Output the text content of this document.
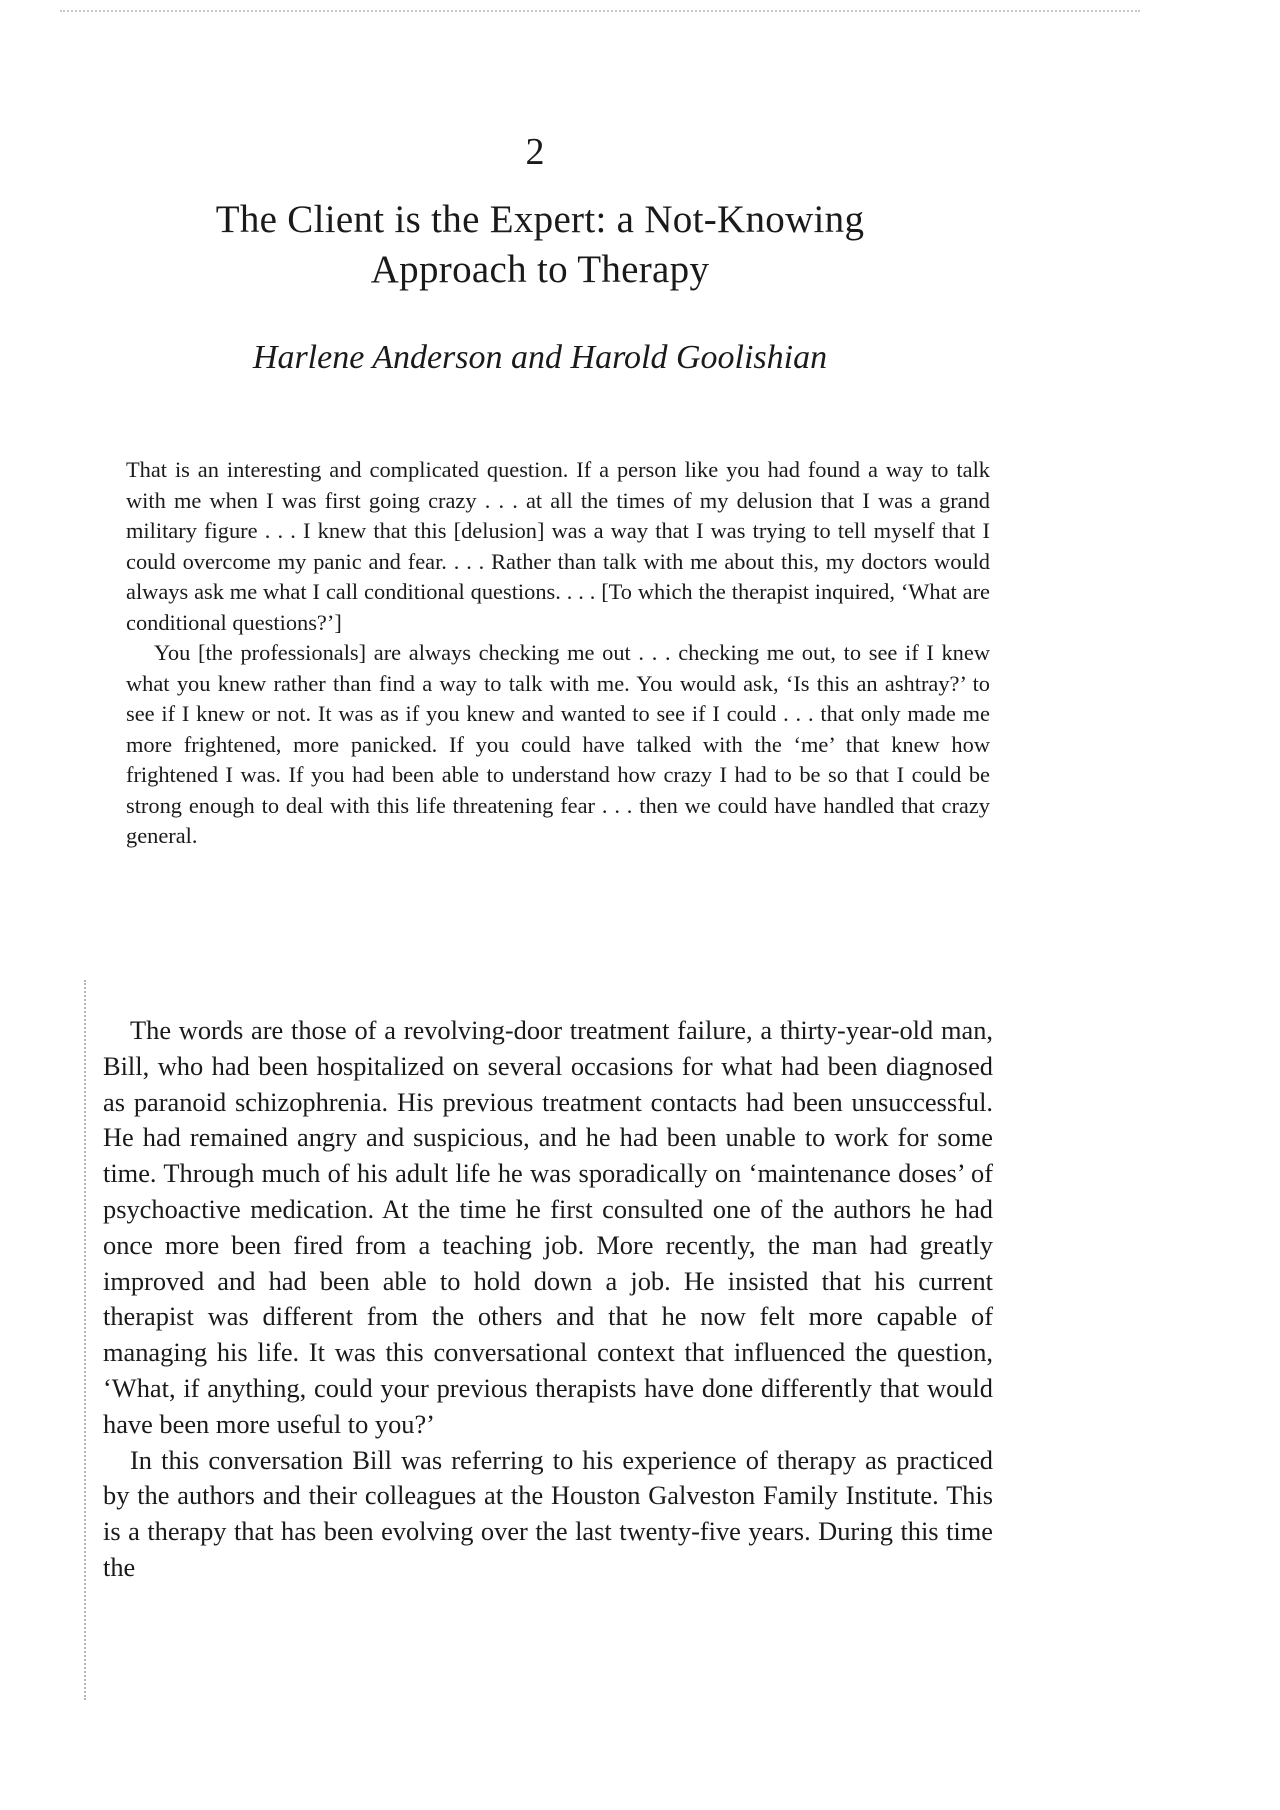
2
The Client is the Expert: a Not-Knowing
Approach to Therapy
Harlene Anderson and Harold Goolishian

That is an interesting and complicated question. If a person like you had found a way to talk with me when I was first going crazy . . . at all the times of my delusion that I was a grand military figure . . . I knew that this [delusion] was a way that I was trying to tell myself that I could overcome my panic and fear. . . . Rather than talk with me about this, my doctors would always ask me what I call conditional questions. . . . [To which the therapist inquired, ‘What are conditional questions?’]

You [the professionals] are always checking me out . . . checking me out, to see if I knew what you knew rather than find a way to talk with me. You would ask, ‘Is this an ashtray?’ to see if I knew or not. It was as if you knew and wanted to see if I could . . . that only made me more frightened, more panicked. If you could have talked with the ‘me’ that knew how frightened I was. If you had been able to understand how crazy I had to be so that I could be strong enough to deal with this life threatening fear . . . then we could have handled that crazy general.

The words are those of a revolving-door treatment failure, a thirty-year-old man, Bill, who had been hospitalized on several occasions for what had been diagnosed as paranoid schizophrenia. His previous treatment contacts had been unsuccessful. He had remained angry and suspicious, and he had been unable to work for some time. Through much of his adult life he was sporadically on ‘maintenance doses’ of psychoactive medication. At the time he first consulted one of the authors he had once more been fired from a teaching job. More recently, the man had greatly improved and had been able to hold down a job. He insisted that his current therapist was different from the others and that he now felt more capable of managing his life. It was this conversational context that influenced the question, ‘What, if anything, could your previous therapists have done differently that would have been more useful to you?’

In this conversation Bill was referring to his experience of therapy as practiced by the authors and their colleagues at the Houston Galveston Family Institute. This is a therapy that has been evolving over the last twenty-five years. During this time the
